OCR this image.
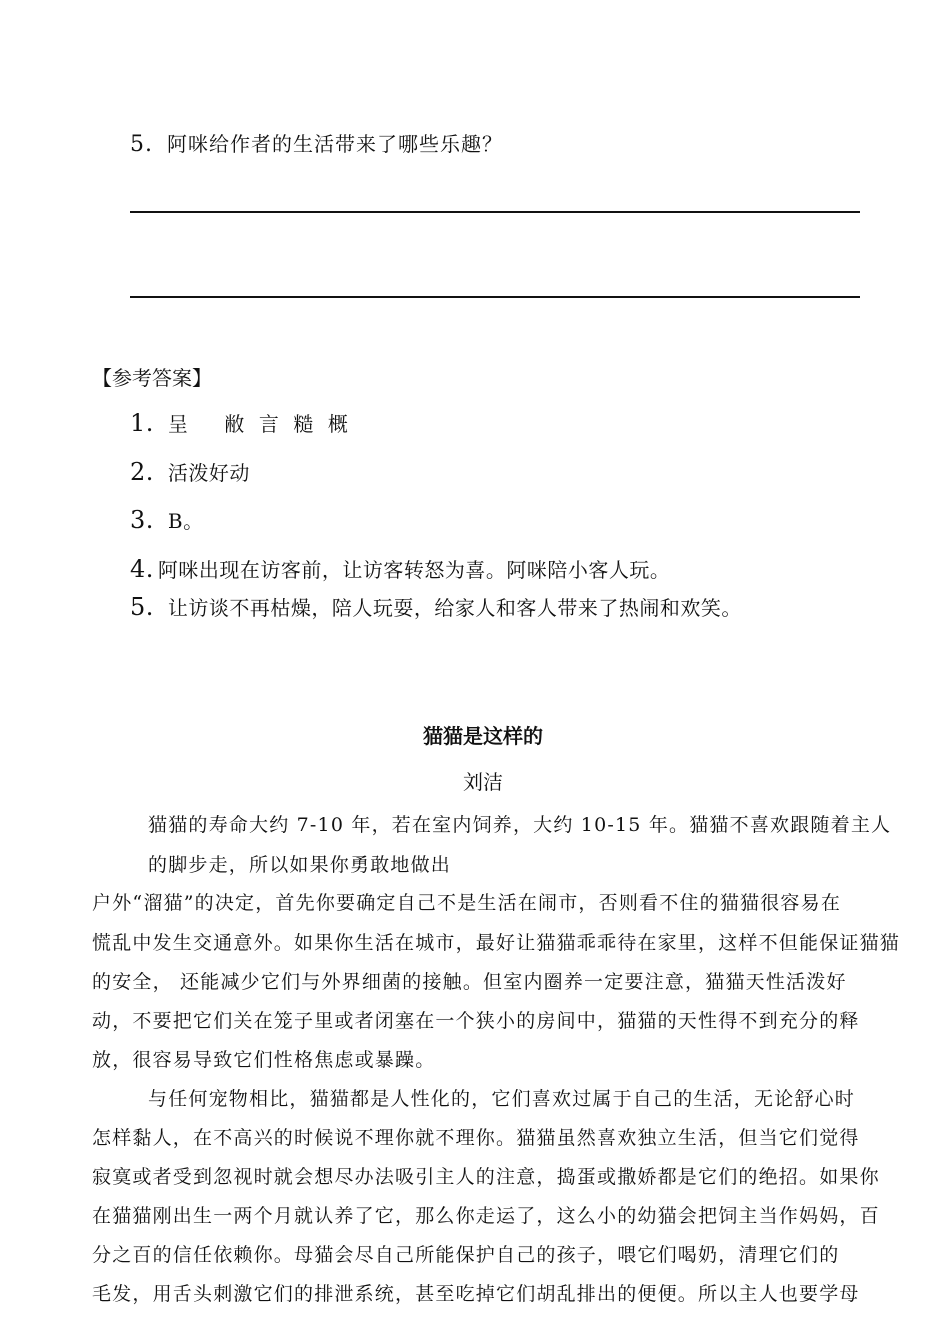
5. 阿咪给作者的生活带来了哪些乐趣？
【参考答案】
1. 呈 敝 言 糙 概
2. 活泼好动
3. B。
4. 阿咪出现在访客前，让访客转怒为喜。阿咪陪小客人玩。
5. 让访谈不再枯燥，陪人玩耍，给家人和客人带来了热闹和欢笑。
猫猫是这样的
刘洁
猫猫的寿命大约 7-10 年，若在室内饲养，大约 10-15 年。猫猫不喜欢跟随着主人
的脚步走，所以如果你勇敢地做出
户外“溜猫”的决定，首先你要确定自己不是生活在闹市，否则看不住的猫猫很容易在
慌乱中发生交通意外。如果你生活在城市，最好让猫猫乖乖待在家里，这样不但能保证猫猫
的安全， 还能减少它们与外界细菌的接触。但室内圈养一定要注意，猫猫天性活泼好
动，不要把它们关在笼子里或者闭塞在一个狭小的房间中，猫猫的天性得不到充分的释
放，很容易导致它们性格焦虑或暴躁。
与任何宠物相比，猫猫都是人性化的，它们喜欢过属于自己的生活，无论舒心时
怎样黏人，在不高兴的时候说不理你就不理你。猫猫虽然喜欢独立生活，但当它们觉得
寂寞或者受到忽视时就会想尽办法吸引主人的注意，捣蛋或撒娇都是它们的绝招。如果你
在猫猫刚出生一两个月就认养了它，那么你走运了，这么小的幼猫会把饲主当作妈妈，百
分之百的信任依赖你。母猫会尽自己所能保护自己的孩子，喂它们喝奶，清理它们的
毛发，用舌头刺激它们的排泄系统，甚至吃掉它们胡乱排出的便便。所以主人也要学母
